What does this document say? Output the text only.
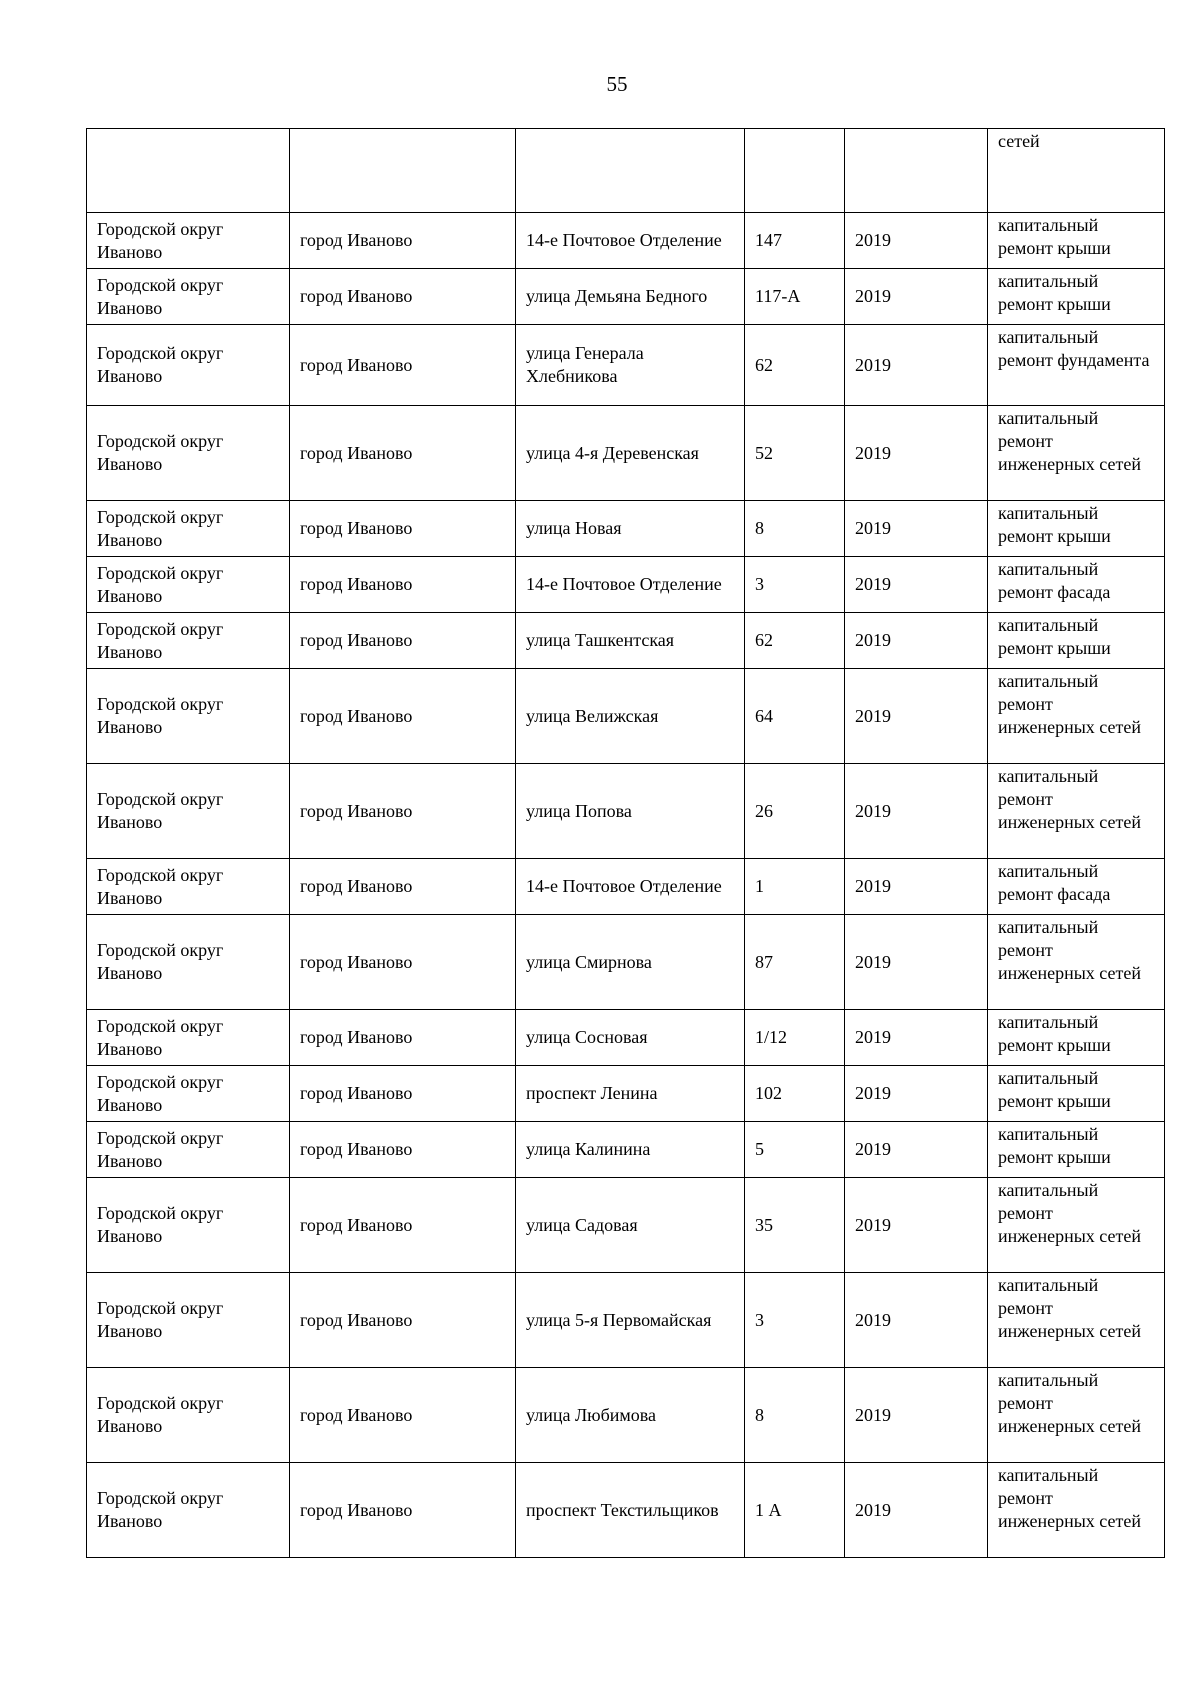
55
					сетей
Городской округ Иваново	город Иваново	14-е Почтовое Отделение	147	2019	капитальный ремонт крыши
Городской округ Иваново	город Иваново	улица Демьяна Бедного	117-А	2019	капитальный ремонт крыши
Городской округ Иваново	город Иваново	улица Генерала Хлебникова	62	2019	капитальный ремонт фундамента
Городской округ Иваново	город Иваново	улица 4-я Деревенская	52	2019	капитальный ремонт инженерных сетей
Городской округ Иваново	город Иваново	улица Новая	8	2019	капитальный ремонт крыши
Городской округ Иваново	город Иваново	14-е Почтовое Отделение	3	2019	капитальный ремонт фасада
Городской округ Иваново	город Иваново	улица Ташкентская	62	2019	капитальный ремонт крыши
Городской округ Иваново	город Иваново	улица Велижская	64	2019	капитальный ремонт инженерных сетей
Городской округ Иваново	город Иваново	улица Попова	26	2019	капитальный ремонт инженерных сетей
Городской округ Иваново	город Иваново	14-е Почтовое Отделение	1	2019	капитальный ремонт фасада
Городской округ Иваново	город Иваново	улица Смирнова	87	2019	капитальный ремонт инженерных сетей
Городской округ Иваново	город Иваново	улица Сосновая	1/12	2019	капитальный ремонт крыши
Городской округ Иваново	город Иваново	проспект Ленина	102	2019	капитальный ремонт крыши
Городской округ Иваново	город Иваново	улица Калинина	5	2019	капитальный ремонт крыши
Городской округ Иваново	город Иваново	улица Садовая	35	2019	капитальный ремонт инженерных сетей
Городской округ Иваново	город Иваново	улица 5-я Первомайская	3	2019	капитальный ремонт инженерных сетей
Городской округ Иваново	город Иваново	улица Любимова	8	2019	капитальный ремонт инженерных сетей
Городской округ Иваново	город Иваново	проспект Текстильщиков	1 А	2019	капитальный ремонт инженерных сетей
